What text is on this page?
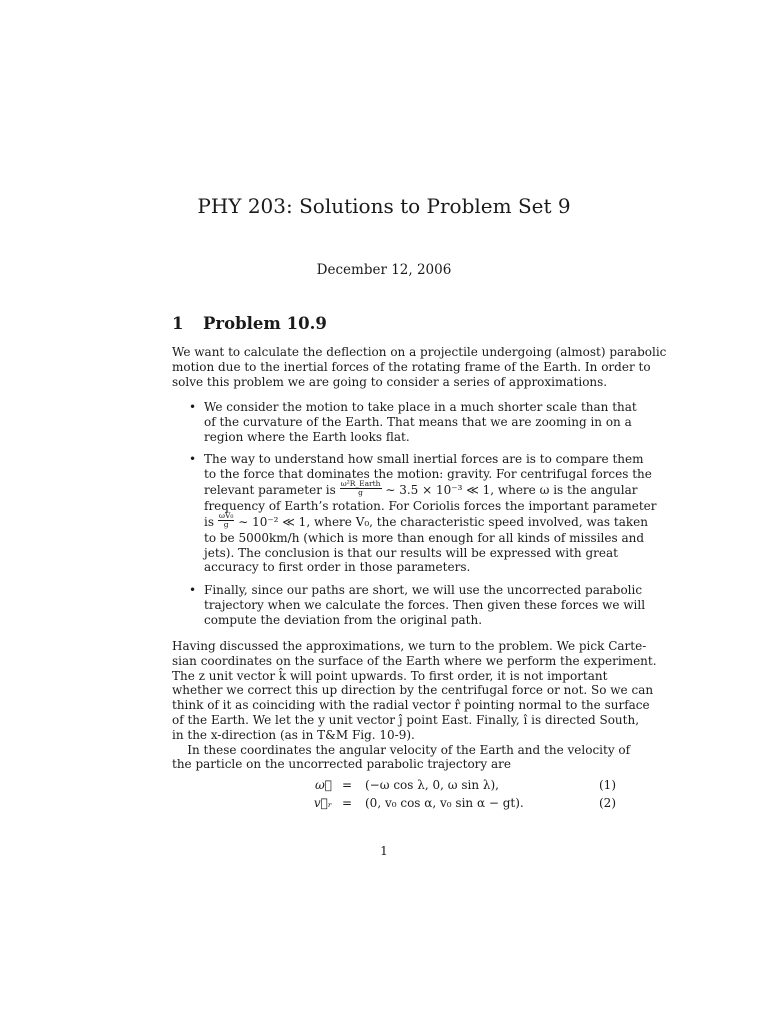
PHY 203: Solutions to Problem Set 9
December 12, 2006
1 Problem 10.9
We want to calculate the deflection on a projectile undergoing (almost) parabolic
motion due to the inertial forces of the rotating frame of the Earth. In order to
solve this problem we are going to consider a series of approximations.
• We consider the motion to take place in a much shorter scale than that
of the curvature of the Earth. That means that we are zooming in on a
region where the Earth looks flat.
• The way to understand how small inertial forces are is to compare them
to the force that dominates the motion: gravity. For centrifugal forces the
relevant parameter is $\frac{\text{ω²R\_Earth}}{g}$ ∼ 3.5 × 10⁻³ ≪ 1, where ω is the angular
frequency of Earth’s rotation. For Coriolis forces the important parameter
is $\frac{\text{ωV₀}}{g}$ ∼ 10⁻² ≪ 1, where V₀, the characteristic speed involved, was taken
to be 5000km/h (which is more than enough for all kinds of missiles and
jets). The conclusion is that our results will be expressed with great
accuracy to first order in those parameters.
• Finally, since our paths are short, we will use the uncorrected parabolic
trajectory when we calculate the forces. Then given these forces we will
compute the deviation from the original path.
Having discussed the approximations, we turn to the problem. We pick Carte-
sian coordinates on the surface of the Earth where we perform the experiment.
The z unit vector k̂ will point upwards. To first order, it is not important
whether we correct this up direction by the centrifugal force or not. So we can
think of it as coinciding with the radial vector r̂ pointing normal to the surface
of the Earth. We let the y unit vector ĵ point East. Finally, î is directed South,
in the x-direction (as in T&M Fig. 10-9).
In these coordinates the angular velocity of the Earth and the velocity of
the particle on the uncorrected parabolic trajectory are
ω⃗ = (−ω cos λ, 0, ω sin λ),	(1)
v⃗ᵣ = (0, v₀ cos α, v₀ sin α − gt).	(2)
1
